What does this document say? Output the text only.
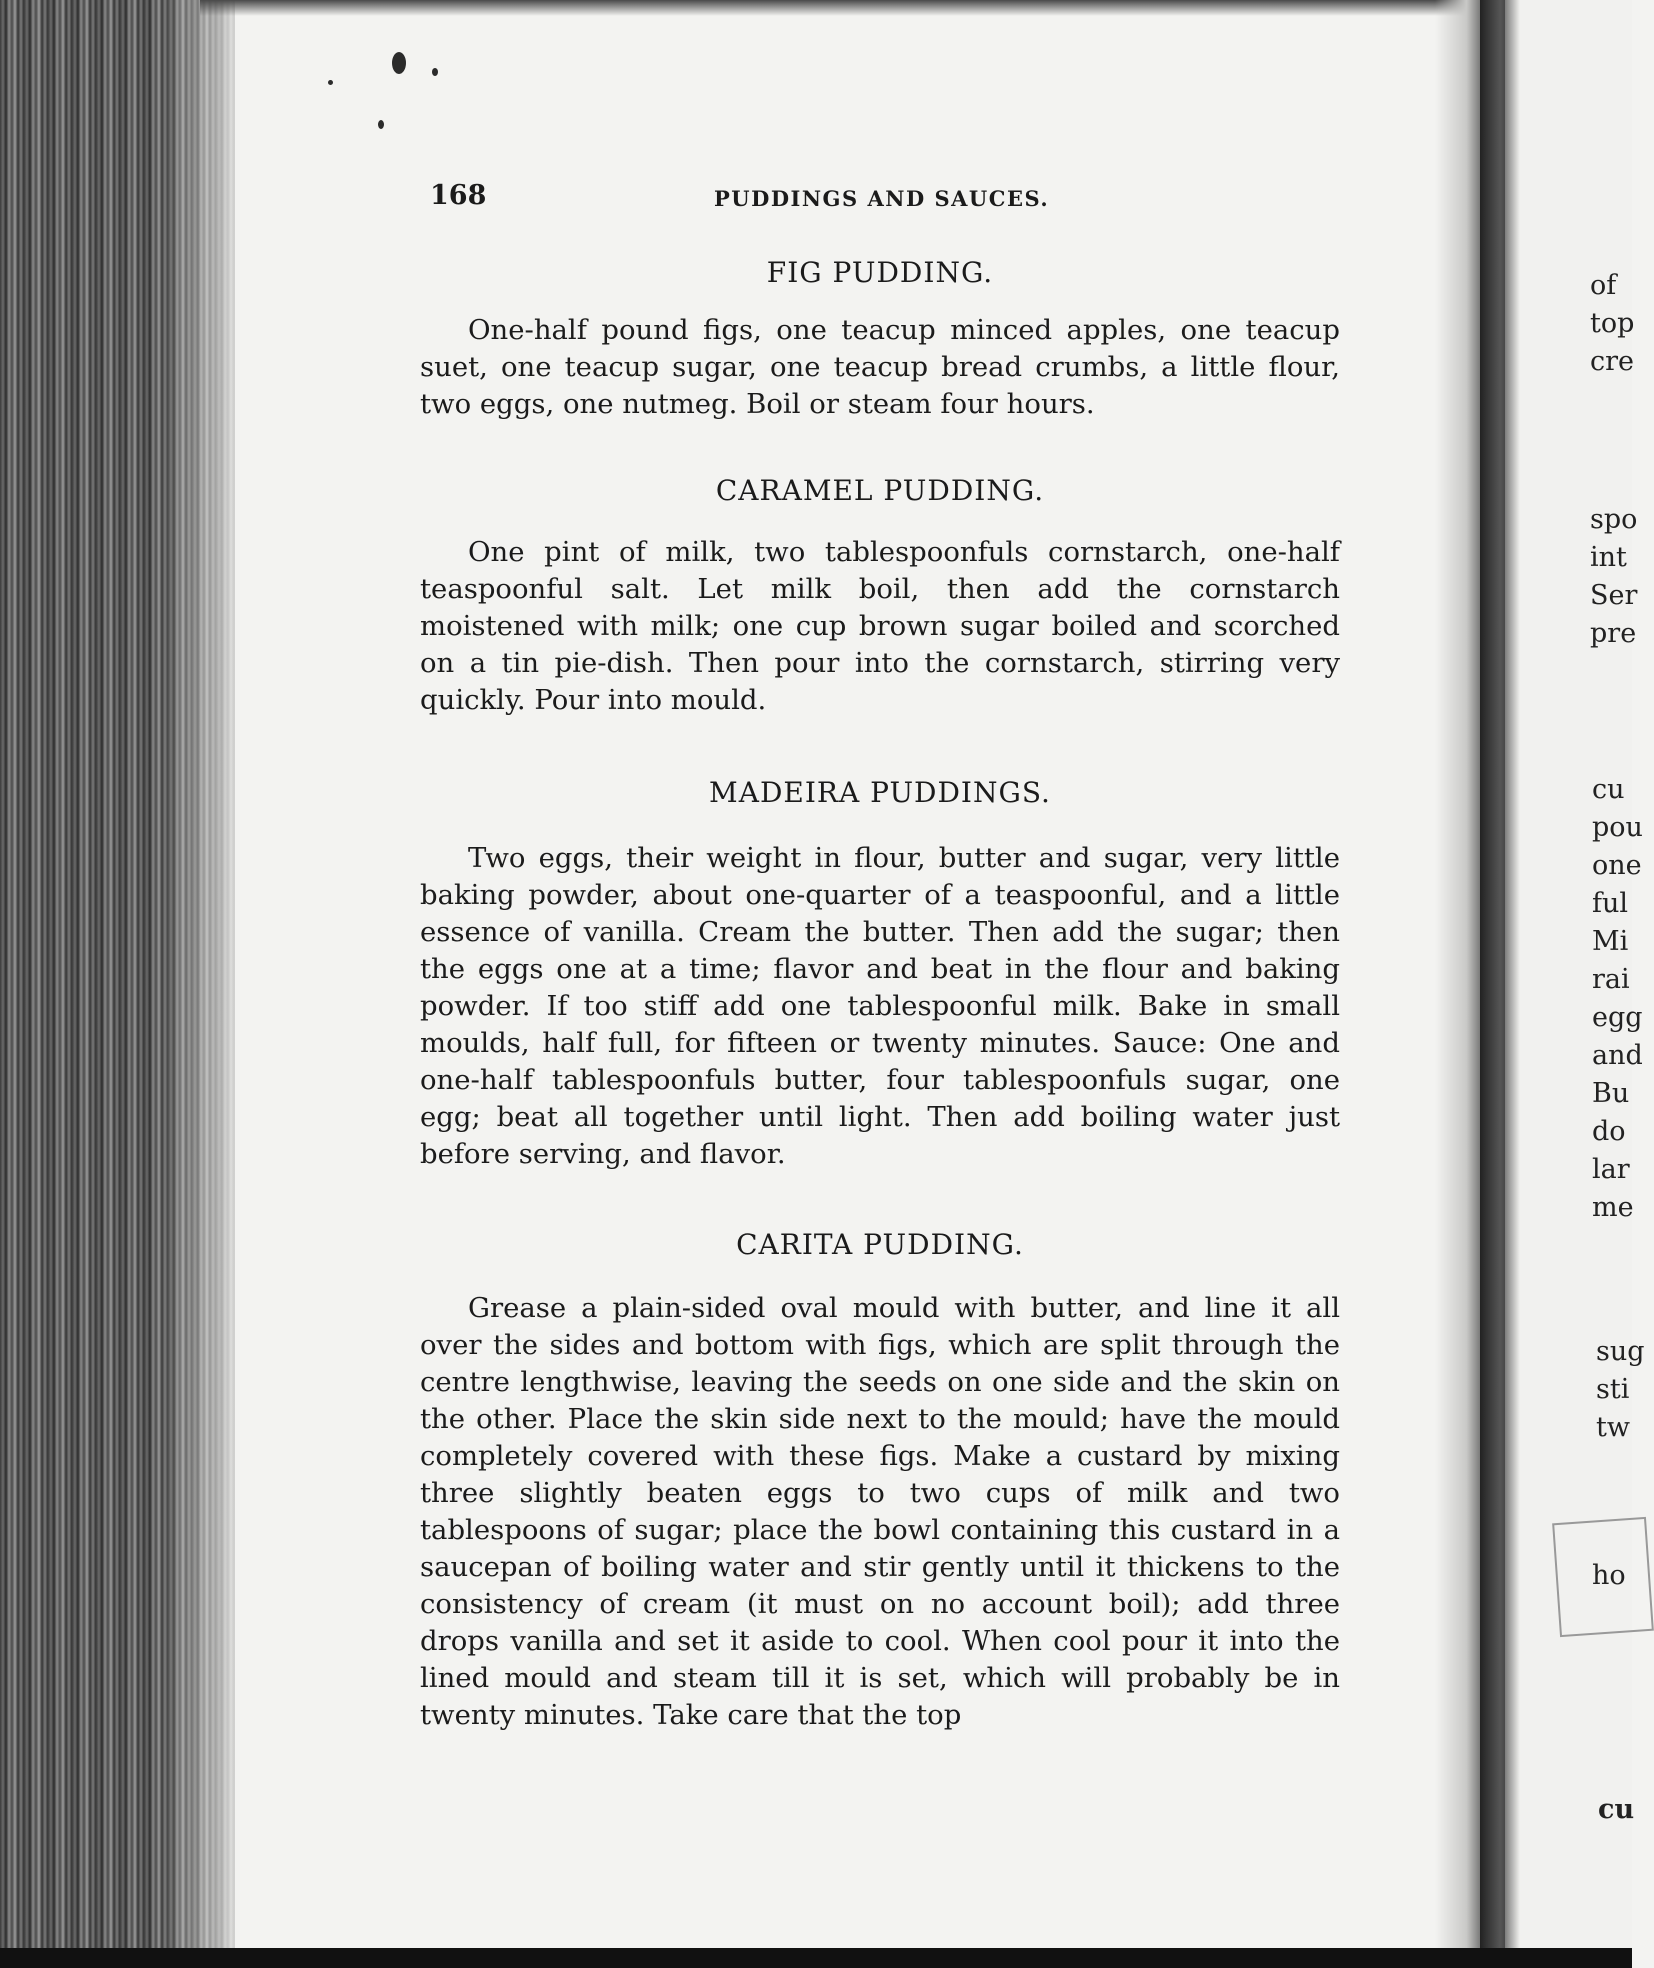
168	PUDDINGS AND SAUCES.
FIG PUDDING.

One-half pound figs, one teacup minced apples, one teacup suet, one teacup sugar, one teacup bread crumbs, a little flour, two eggs, one nutmeg. Boil or steam four hours.

CARAMEL PUDDING.

One pint of milk, two tablespoonfuls cornstarch, one-half teaspoonful salt. Let milk boil, then add the cornstarch moistened with milk; one cup brown sugar boiled and scorched on a tin pie-dish. Then pour into the cornstarch, stirring very quickly. Pour into mould.

MADEIRA PUDDINGS.

Two eggs, their weight in flour, butter and sugar, very little baking powder, about one-quarter of a teaspoonful, and a little essence of vanilla. Cream the butter. Then add the sugar; then the eggs one at a time; flavor and beat in the flour and baking powder. If too stiff add one tablespoonful milk. Bake in small moulds, half full, for fifteen or twenty minutes. Sauce: One and one-half tablespoonfuls butter, four tablespoonfuls sugar, one egg; beat all together until light. Then add boiling water just before serving, and flavor.

CARITA PUDDING.

Grease a plain-sided oval mould with butter, and line it all over the sides and bottom with figs, which are split through the centre lengthwise, leaving the seeds on one side and the skin on the other. Place the skin side next to the mould; have the mould completely covered with these figs. Make a custard by mixing three slightly beaten eggs to two cups of milk and two tablespoons of sugar; place the bowl containing this custard in a saucepan of boiling water and stir gently until it thickens to the consistency of cream (it must on no account boil); add three drops vanilla and set it aside to cool. When cool pour it into the lined mould and steam till it is set, which will probably be in twenty minutes. Take care that the top

of
top
cre
spo
int
Ser
pre
cu
pou
one
ful
Mi
rai
egg
and
Bu
do
lar
me
sug
sti
tw
ho
cu
